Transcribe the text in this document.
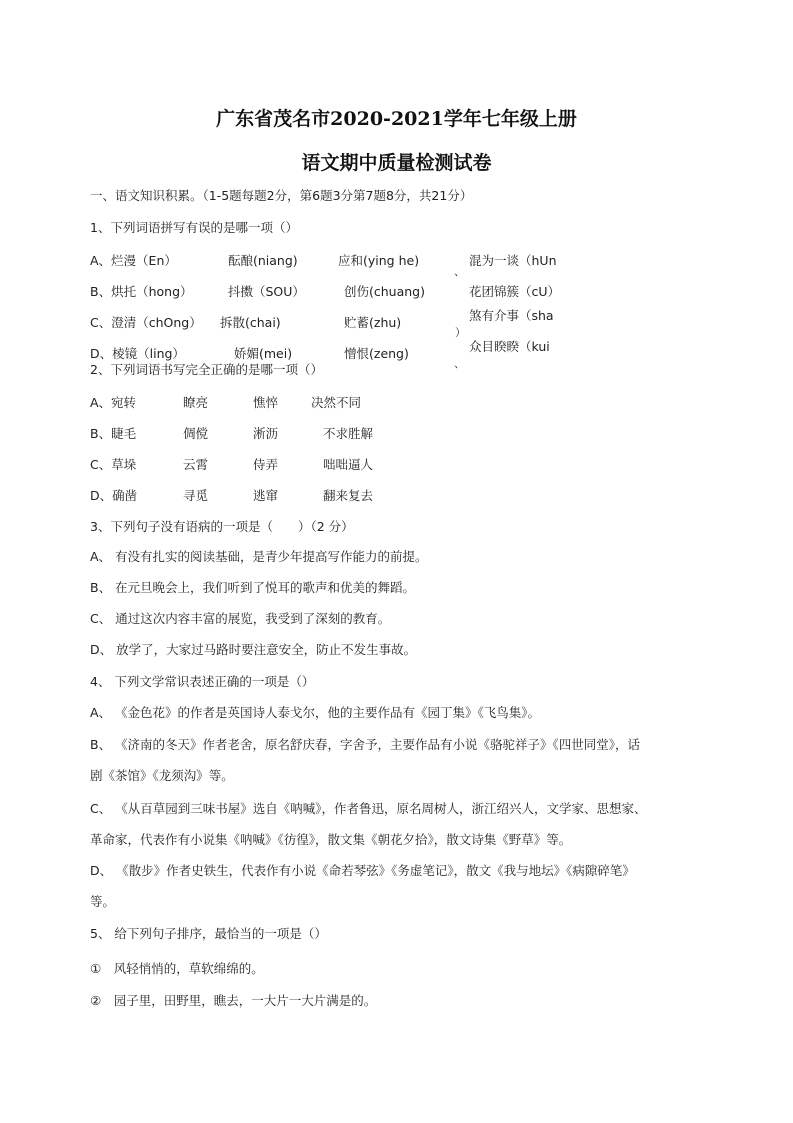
广东省茂名市2020-2021学年七年级上册
语文期中质量检测试卷
一、语文知识积累。（1-5题每题2分，第6题3分第7题8分，共21分）
1、下列词语拼写有误的是哪一项（）
A、烂漫（En）	酝酿(niang)	应和(ying he)	混为一谈（hUn
B、烘托（hong）	抖擞（SOU）	创伤(chuang)	花团锦簇（cU）
C、澄清（chOng） 拆散(chai)	贮蓄(zhu)	煞有介事（sha
D、棱镜（ling）	娇媚(mei)	憎恨(zeng)	众目睽睽（kui
、
）
、
2、下列词语书写完全正确的是哪一项（）
A、宛转	瞭亮	憔悴	决然不同
B、睫毛	倜傥	淅沥	不求胜解
C、草垛	云霄	侍弄	咄咄逼人
D、确凿	寻觅	逃窜	翻来复去
3、下列句子没有语病的一项是（　　）（2 分）
A、 有没有扎实的阅读基础，是青少年提高写作能力的前提。
B、 在元旦晚会上，我们听到了悦耳的歌声和优美的舞蹈。
C、 通过这次内容丰富的展览，我受到了深刻的教育。
D、 放学了，大家过马路时要注意安全，防止不发生事故。
4、 下列文学常识表述正确的一项是（）
A、 《金色花》的作者是英国诗人泰戈尔，他的主要作品有《园丁集》《飞鸟集》。
B、 《济南的冬天》作者老舍，原名舒庆春，字舍予，主要作品有小说《骆驼祥子》《四世同堂》，话
剧《茶馆》《龙须沟》等。
C、 《从百草园到三味书屋》选自《呐喊》，作者鲁迅，原名周树人，浙江绍兴人，文学家、思想家、
革命家，代表作有小说集《呐喊》《彷徨》，散文集《朝花夕拾》，散文诗集《野草》等。
D、 《散步》作者史铁生，代表作有小说《命若琴弦》《务虚笔记》，散文《我与地坛》《病隙碎笔》
等。
5、 给下列句子排序，最恰当的一项是（）
①　风轻悄悄的，草软绵绵的。
②　园子里，田野里，瞧去，一大片一大片满是的。
